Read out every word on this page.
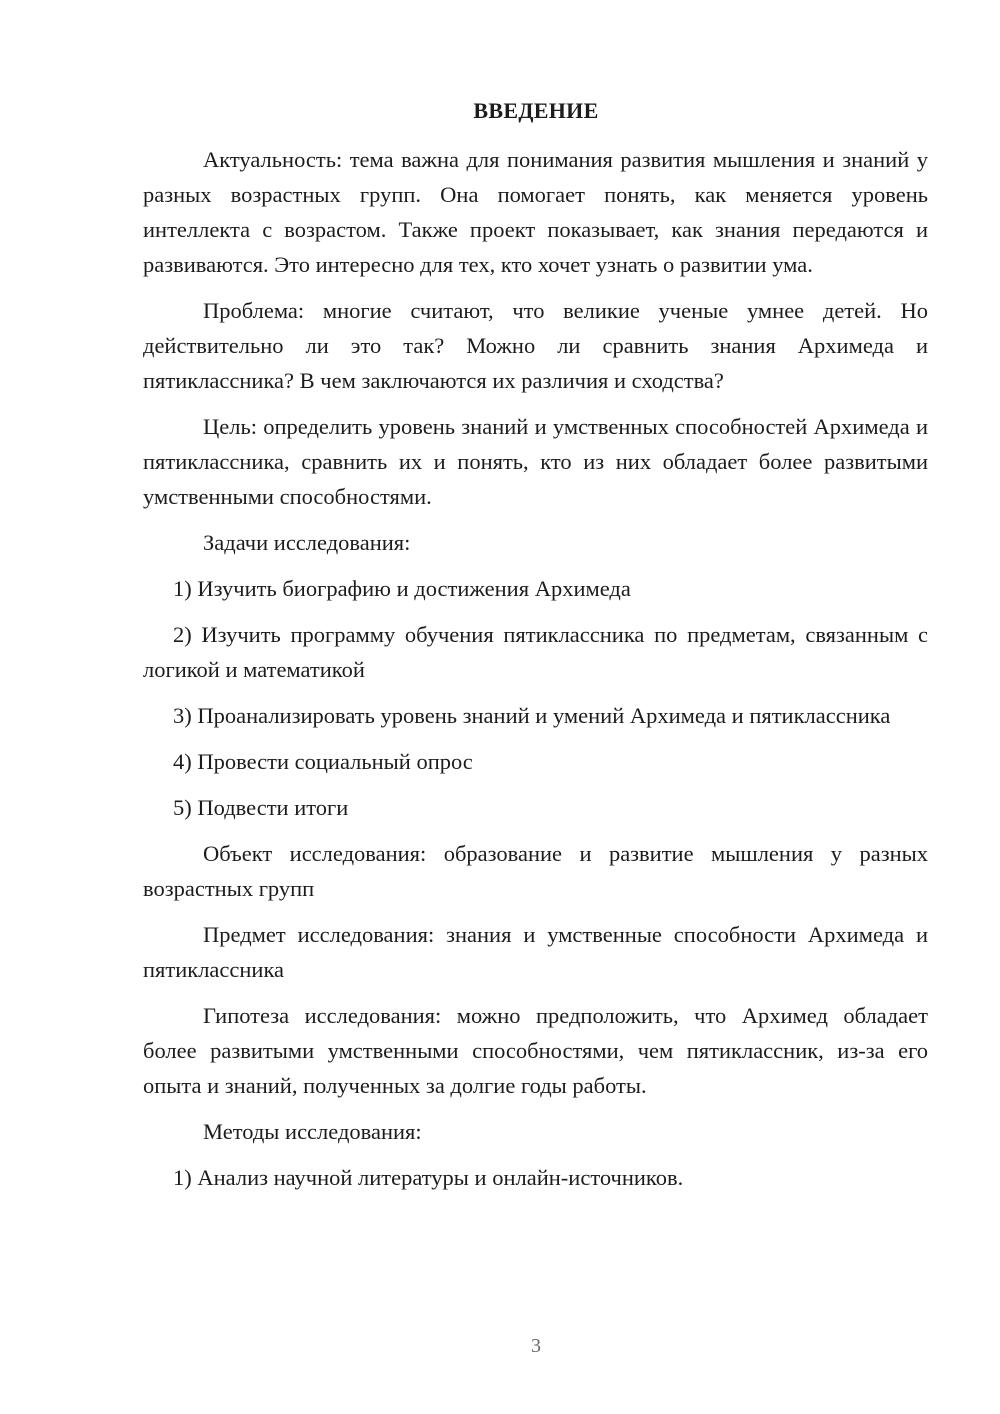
ВВЕДЕНИЕ

Актуальность: тема важна для понимания развития мышления и знаний у разных возрастных групп. Она помогает понять, как меняется уровень интеллекта с возрастом. Также проект показывает, как знания передаются и развиваются. Это интересно для тех, кто хочет узнать о развитии ума.

Проблема: многие считают, что великие ученые умнее детей. Но действительно ли это так? Можно ли сравнить знания Архимеда и пятиклассника? В чем заключаются их различия и сходства?

Цель: определить уровень знаний и умственных способностей Архимеда и пятиклассника, сравнить их и понять, кто из них обладает более развитыми умственными способностями.

Задачи исследования:

1) Изучить биографию и достижения Архимеда

2) Изучить программу обучения пятиклассника по предметам, связанным с логикой и математикой

3) Проанализировать уровень знаний и умений Архимеда и пятиклассника

4) Провести социальный опрос

5) Подвести итоги

Объект исследования: образование и развитие мышления у разных возрастных групп

Предмет исследования: знания и умственные способности Архимеда и пятиклассника

Гипотеза исследования: можно предположить, что Архимед обладает более развитыми умственными способностями, чем пятиклассник, из-за его опыта и знаний, полученных за долгие годы работы.

Методы исследования:

1) Анализ научной литературы и онлайн-источников.

3
